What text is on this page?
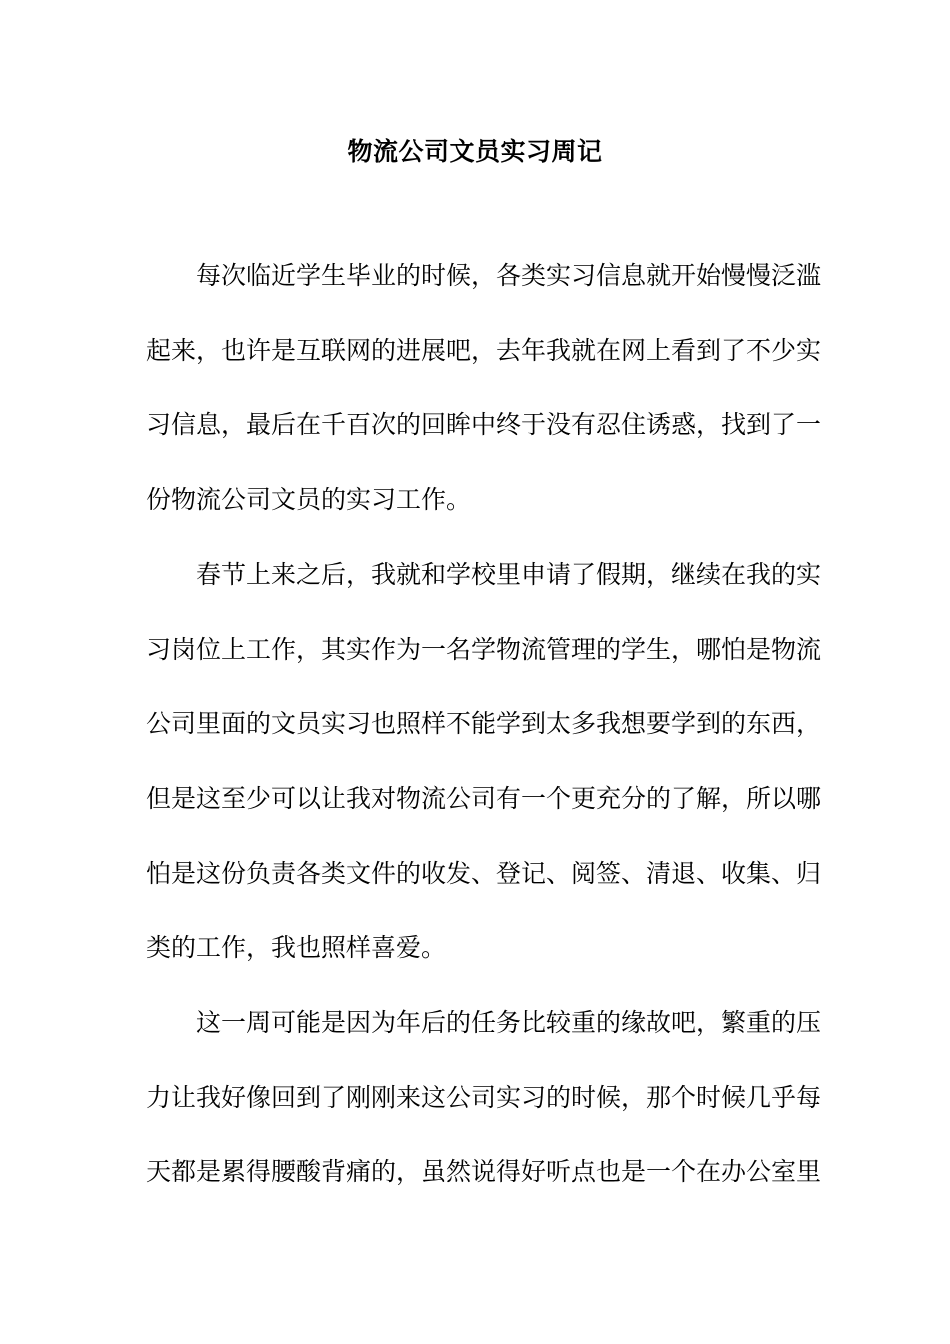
物流公司文员实习周记
每次临近学生毕业的时候，各类实习信息就开始慢慢泛滥
起来，也许是互联网的进展吧，去年我就在网上看到了不少实
习信息，最后在千百次的回眸中终于没有忍住诱惑，找到了一
份物流公司文员的实习工作。
春节上来之后，我就和学校里申请了假期，继续在我的实
习岗位上工作，其实作为一名学物流管理的学生，哪怕是物流
公司里面的文员实习也照样不能学到太多我想要学到的东西，
但是这至少可以让我对物流公司有一个更充分的了解，所以哪
怕是这份负责各类文件的收发、登记、阅签、清退、收集、归
类的工作，我也照样喜爱。
这一周可能是因为年后的任务比较重的缘故吧，繁重的压
力让我好像回到了刚刚来这公司实习的时候，那个时候几乎每
天都是累得腰酸背痛的，虽然说得好听点也是一个在办公室里
